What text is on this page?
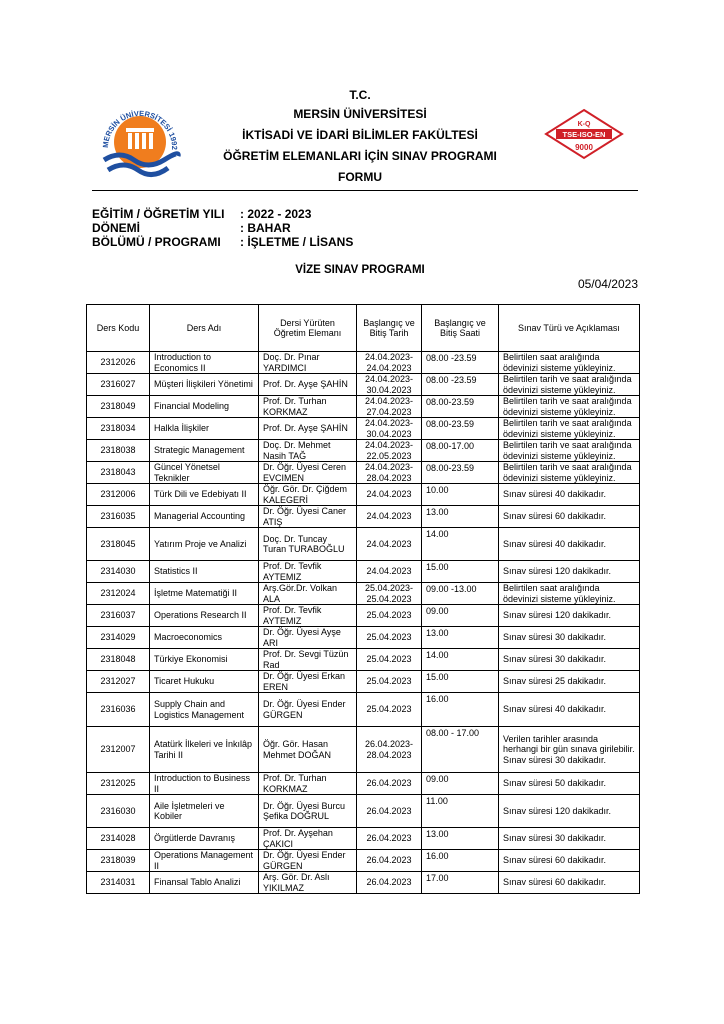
MERSİN ÜNİVERSİTESİ 1992
K-Q
TSE-ISO-EN
9000
T.C.
MERSİN ÜNİVERSİTESİ
İKTİSADİ VE İDARİ BİLİMLER FAKÜLTESİ
ÖĞRETİM ELEMANLARI İÇİN SINAV PROGRAMI
FORMU
EĞİTİM / ÖĞRETİM YILI	: 2022 - 2023
DÖNEMİ	: BAHAR
BÖLÜMÜ / PROGRAMI	: İŞLETME / LİSANS
VİZE SINAV PROGRAMI
05/04/2023
Ders Kodu	Ders Adı	Dersi Yürüten Öğretim Elemanı	Başlangıç ve Bitiş Tarih	Başlangıç ve Bitiş Saati	Sınav Türü ve Açıklaması
2312026	Introduction to Economics II	Doç. Dr. Pınar YARDIMCI	24.04.2023-24.04.2023	08.00 -23.59	Belirtilen saat aralığında ödevinizi sisteme yükleyiniz.
2316027	Müşteri İlişkileri Yönetimi	Prof. Dr. Ayşe ŞAHİN	24.04.2023-30.04.2023	08.00 -23.59	Belirtilen tarih ve saat aralığında ödevinizi sisteme yükleyiniz.
2318049	Financial Modeling	Prof. Dr. Turhan KORKMAZ	24.04.2023-27.04.2023	08.00-23.59	Belirtilen tarih ve saat aralığında ödevinizi sisteme yükleyiniz.
2318034	Halkla İlişkiler	Prof. Dr. Ayşe ŞAHİN	24.04.2023-30.04.2023	08.00-23.59	Belirtilen tarih ve saat aralığında ödevinizi sisteme yükleyiniz.
2318038	Strategic Management	Doç. Dr. Mehmet Nasih TAĞ	24.04.2023-22.05.2023	08.00-17.00	Belirtilen tarih ve saat aralığında ödevinizi sisteme yükleyiniz.
2318043	Güncel Yönetsel Teknikler	Dr. Öğr. Üyesi Ceren EVCIMEN	24.04.2023-28.04.2023	08.00-23.59	Belirtilen tarih ve saat aralığında ödevinizi sisteme yükleyiniz.
2312006	Türk Dili ve Edebiyatı II	Öğr. Gör. Dr. Çiğdem KALEGERİ	24.04.2023	10.00	Sınav süresi 40 dakikadır.
2316035	Managerial Accounting	Dr. Öğr. Üyesi Caner ATIŞ	24.04.2023	13.00	Sınav süresi 60 dakikadır.
2318045	Yatırım Proje ve Analizi	Doç. Dr. Tuncay Turan TURABOĞLU	24.04.2023	14.00	Sınav süresi 40 dakikadır.
2314030	Statistics II	Prof. Dr. Tevfik AYTEMIZ	24.04.2023	15.00	Sınav süresi 120 dakikadır.
2312024	İşletme Matematiği II	Arş.Gör.Dr. Volkan ALA	25.04.2023-25.04.2023	09.00 -13.00	Belirtilen saat aralığında ödevinizi sisteme yükleyiniz.
2316037	Operations Research II	Prof. Dr. Tevfik AYTEMIZ	25.04.2023	09.00	Sınav süresi 120 dakikadır.
2314029	Macroeconomics	Dr. Öğr. Üyesi Ayşe ARI	25.04.2023	13.00	Sınav süresi 30 dakikadır.
2318048	Türkiye Ekonomisi	Prof. Dr. Sevgi Tüzün Rad	25.04.2023	14.00	Sınav süresi 30 dakikadır.
2312027	Ticaret Hukuku	Dr. Öğr. Üyesi Erkan EREN	25.04.2023	15.00	Sınav süresi 25 dakikadır.
2316036	Supply Chain and Logistics Management	Dr. Öğr. Üyesi Ender GÜRGEN	25.04.2023	16.00	Sınav süresi 40 dakikadır.
2312007	Atatürk İlkeleri ve İnkılâp Tarihi II	Öğr. Gör. Hasan Mehmet DOĞAN	26.04.2023-28.04.2023	08.00 - 17.00	Verilen tarihler arasında herhangi bir gün sınava girilebilir. Sınav süresi 30 dakikadır.
2312025	Introduction to Business II	Prof. Dr. Turhan KORKMAZ	26.04.2023	09.00	Sınav süresi 50 dakikadır.
2316030	Aile İşletmeleri ve Kobiler	Dr. Öğr. Üyesi Burcu Şefika DOĞRUL	26.04.2023	11.00	Sınav süresi 120 dakikadır.
2314028	Örgütlerde Davranış	Prof. Dr. Ayşehan ÇAKICI	26.04.2023	13.00	Sınav süresi 30 dakikadır.
2318039	Operations Management II	Dr. Öğr. Üyesi Ender GÜRGEN	26.04.2023	16.00	Sınav süresi 60 dakikadır.
2314031	Finansal Tablo Analizi	Arş. Gör. Dr. Aslı YIKILMAZ	26.04.2023	17.00	Sınav süresi 60 dakikadır.
